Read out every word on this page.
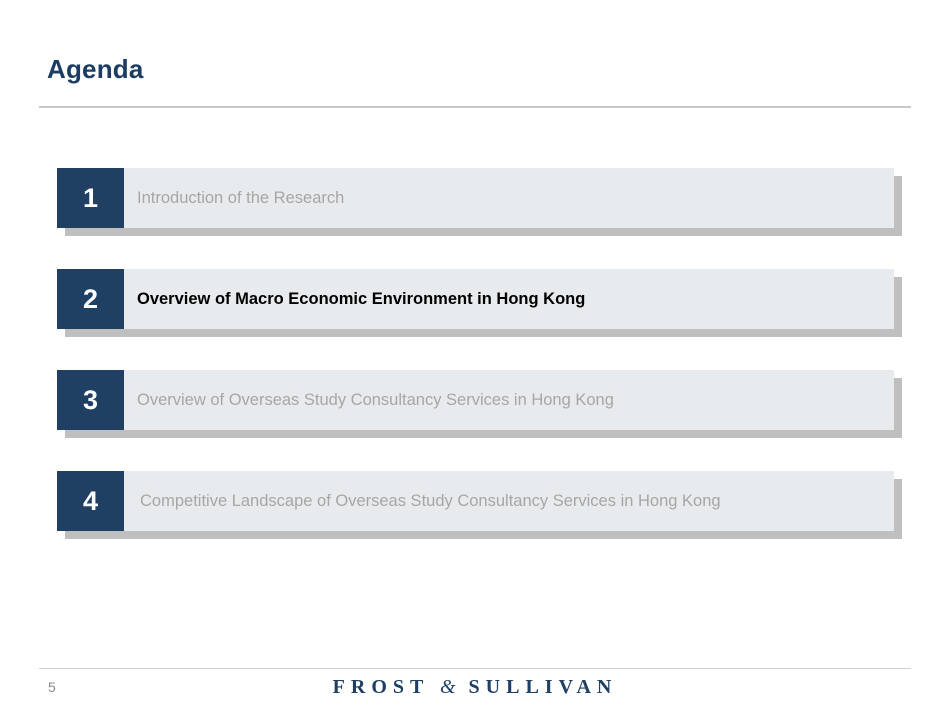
Agenda
1	Introduction of the Research
2	Overview of Macro Economic Environment in Hong Kong
3	Overview of Overseas Study Consultancy Services in Hong Kong
4	Competitive Landscape of Overseas Study Consultancy Services in Hong Kong
5	FROST & SULLIVAN
